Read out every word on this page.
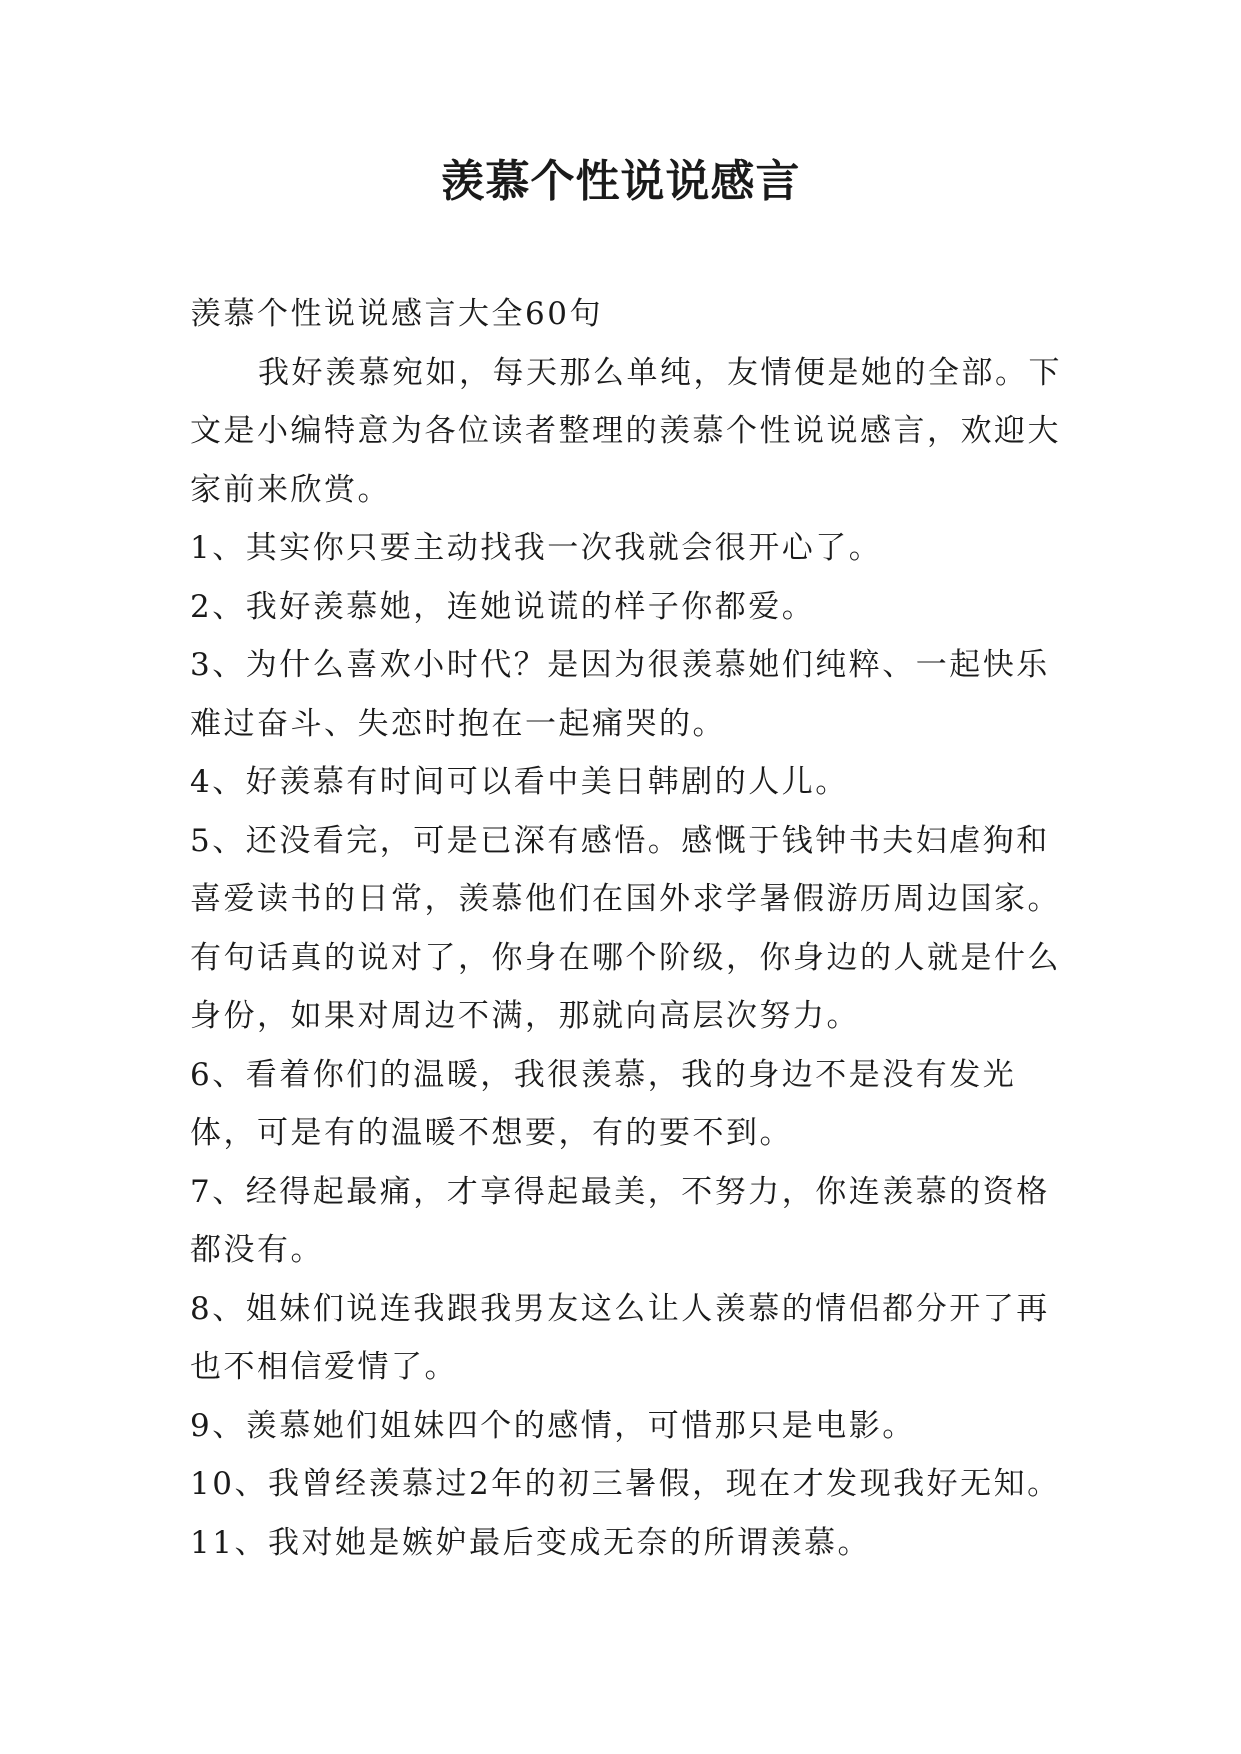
羡慕个性说说感言

羡慕个性说说感言大全60句

我好羡慕宛如，每天那么单纯，友情便是她的全部。下文是小编特意为各位读者整理的羡慕个性说说感言，欢迎大家前来欣赏。

1、其实你只要主动找我一次我就会很开心了。

2、我好羡慕她，连她说谎的样子你都爱。

3、为什么喜欢小时代？是因为很羡慕她们纯粹、一起快乐难过奋斗、失恋时抱在一起痛哭的。

4、好羡慕有时间可以看中美日韩剧的人儿。

5、还没看完，可是已深有感悟。感慨于钱钟书夫妇虐狗和喜爱读书的日常，羡慕他们在国外求学暑假游历周边国家。有句话真的说对了，你身在哪个阶级，你身边的人就是什么身份，如果对周边不满，那就向高层次努力。

6、看着你们的温暖，我很羡慕，我的身边不是没有发光体，可是有的温暖不想要，有的要不到。

7、经得起最痛，才享得起最美，不努力，你连羡慕的资格都没有。

8、姐妹们说连我跟我男友这么让人羡慕的情侣都分开了再也不相信爱情了。

9、羡慕她们姐妹四个的感情，可惜那只是电影。

10、我曾经羡慕过2年的初三暑假，现在才发现我好无知。

11、我对她是嫉妒最后变成无奈的所谓羡慕。
